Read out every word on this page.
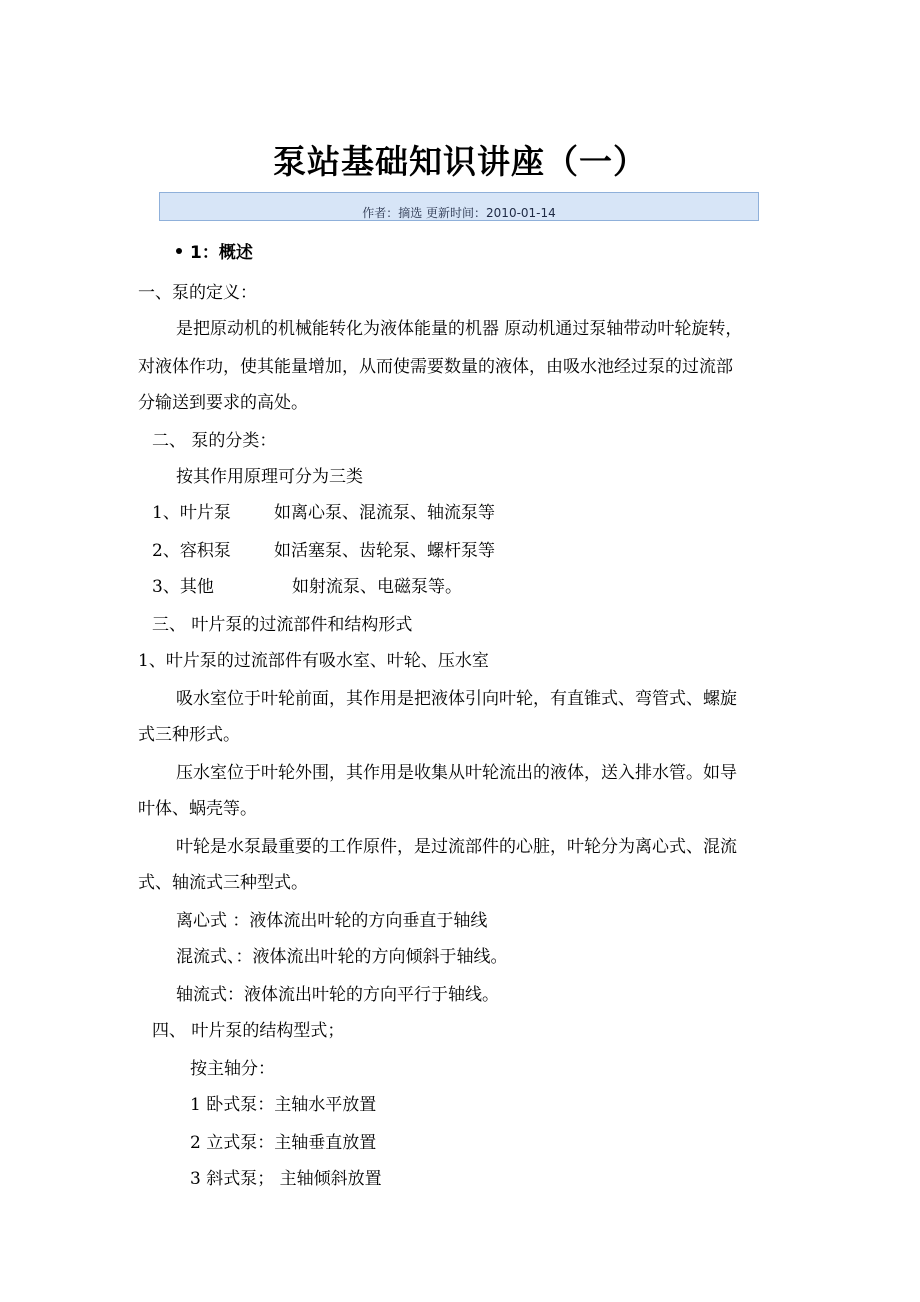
泵站基础知识讲座（一）
作者：摘选 更新时间：2010-01-14
1：概述
一、泵的定义：
是把原动机的机械能转化为液体能量的机器 原动机通过泵轴带动叶轮旋转，
对液体作功，使其能量增加，从而使需要数量的液体，由吸水池经过泵的过流部
分输送到要求的高处。
二、 泵的分类：
按其作用原理可分为三类
1、叶片泵	如离心泵、混流泵、轴流泵等
2、容积泵	如活塞泵、齿轮泵、螺杆泵等
3、其他	如射流泵、电磁泵等。
三、 叶片泵的过流部件和结构形式
1、叶片泵的过流部件有吸水室、叶轮、压水室
吸水室位于叶轮前面，其作用是把液体引向叶轮，有直锥式、弯管式、螺旋
式三种形式。
压水室位于叶轮外围，其作用是收集从叶轮流出的液体，送入排水管。如导
叶体、蜗壳等。
叶轮是水泵最重要的工作原件，是过流部件的心脏，叶轮分为离心式、混流
式、轴流式三种型式。
离心式 ：液体流出叶轮的方向垂直于轴线
混流式、：液体流出叶轮的方向倾斜于轴线。
轴流式：液体流出叶轮的方向平行于轴线。
四、 叶片泵的结构型式；
按主轴分：
1 卧式泵：主轴水平放置
2 立式泵：主轴垂直放置
3 斜式泵； 主轴倾斜放置
